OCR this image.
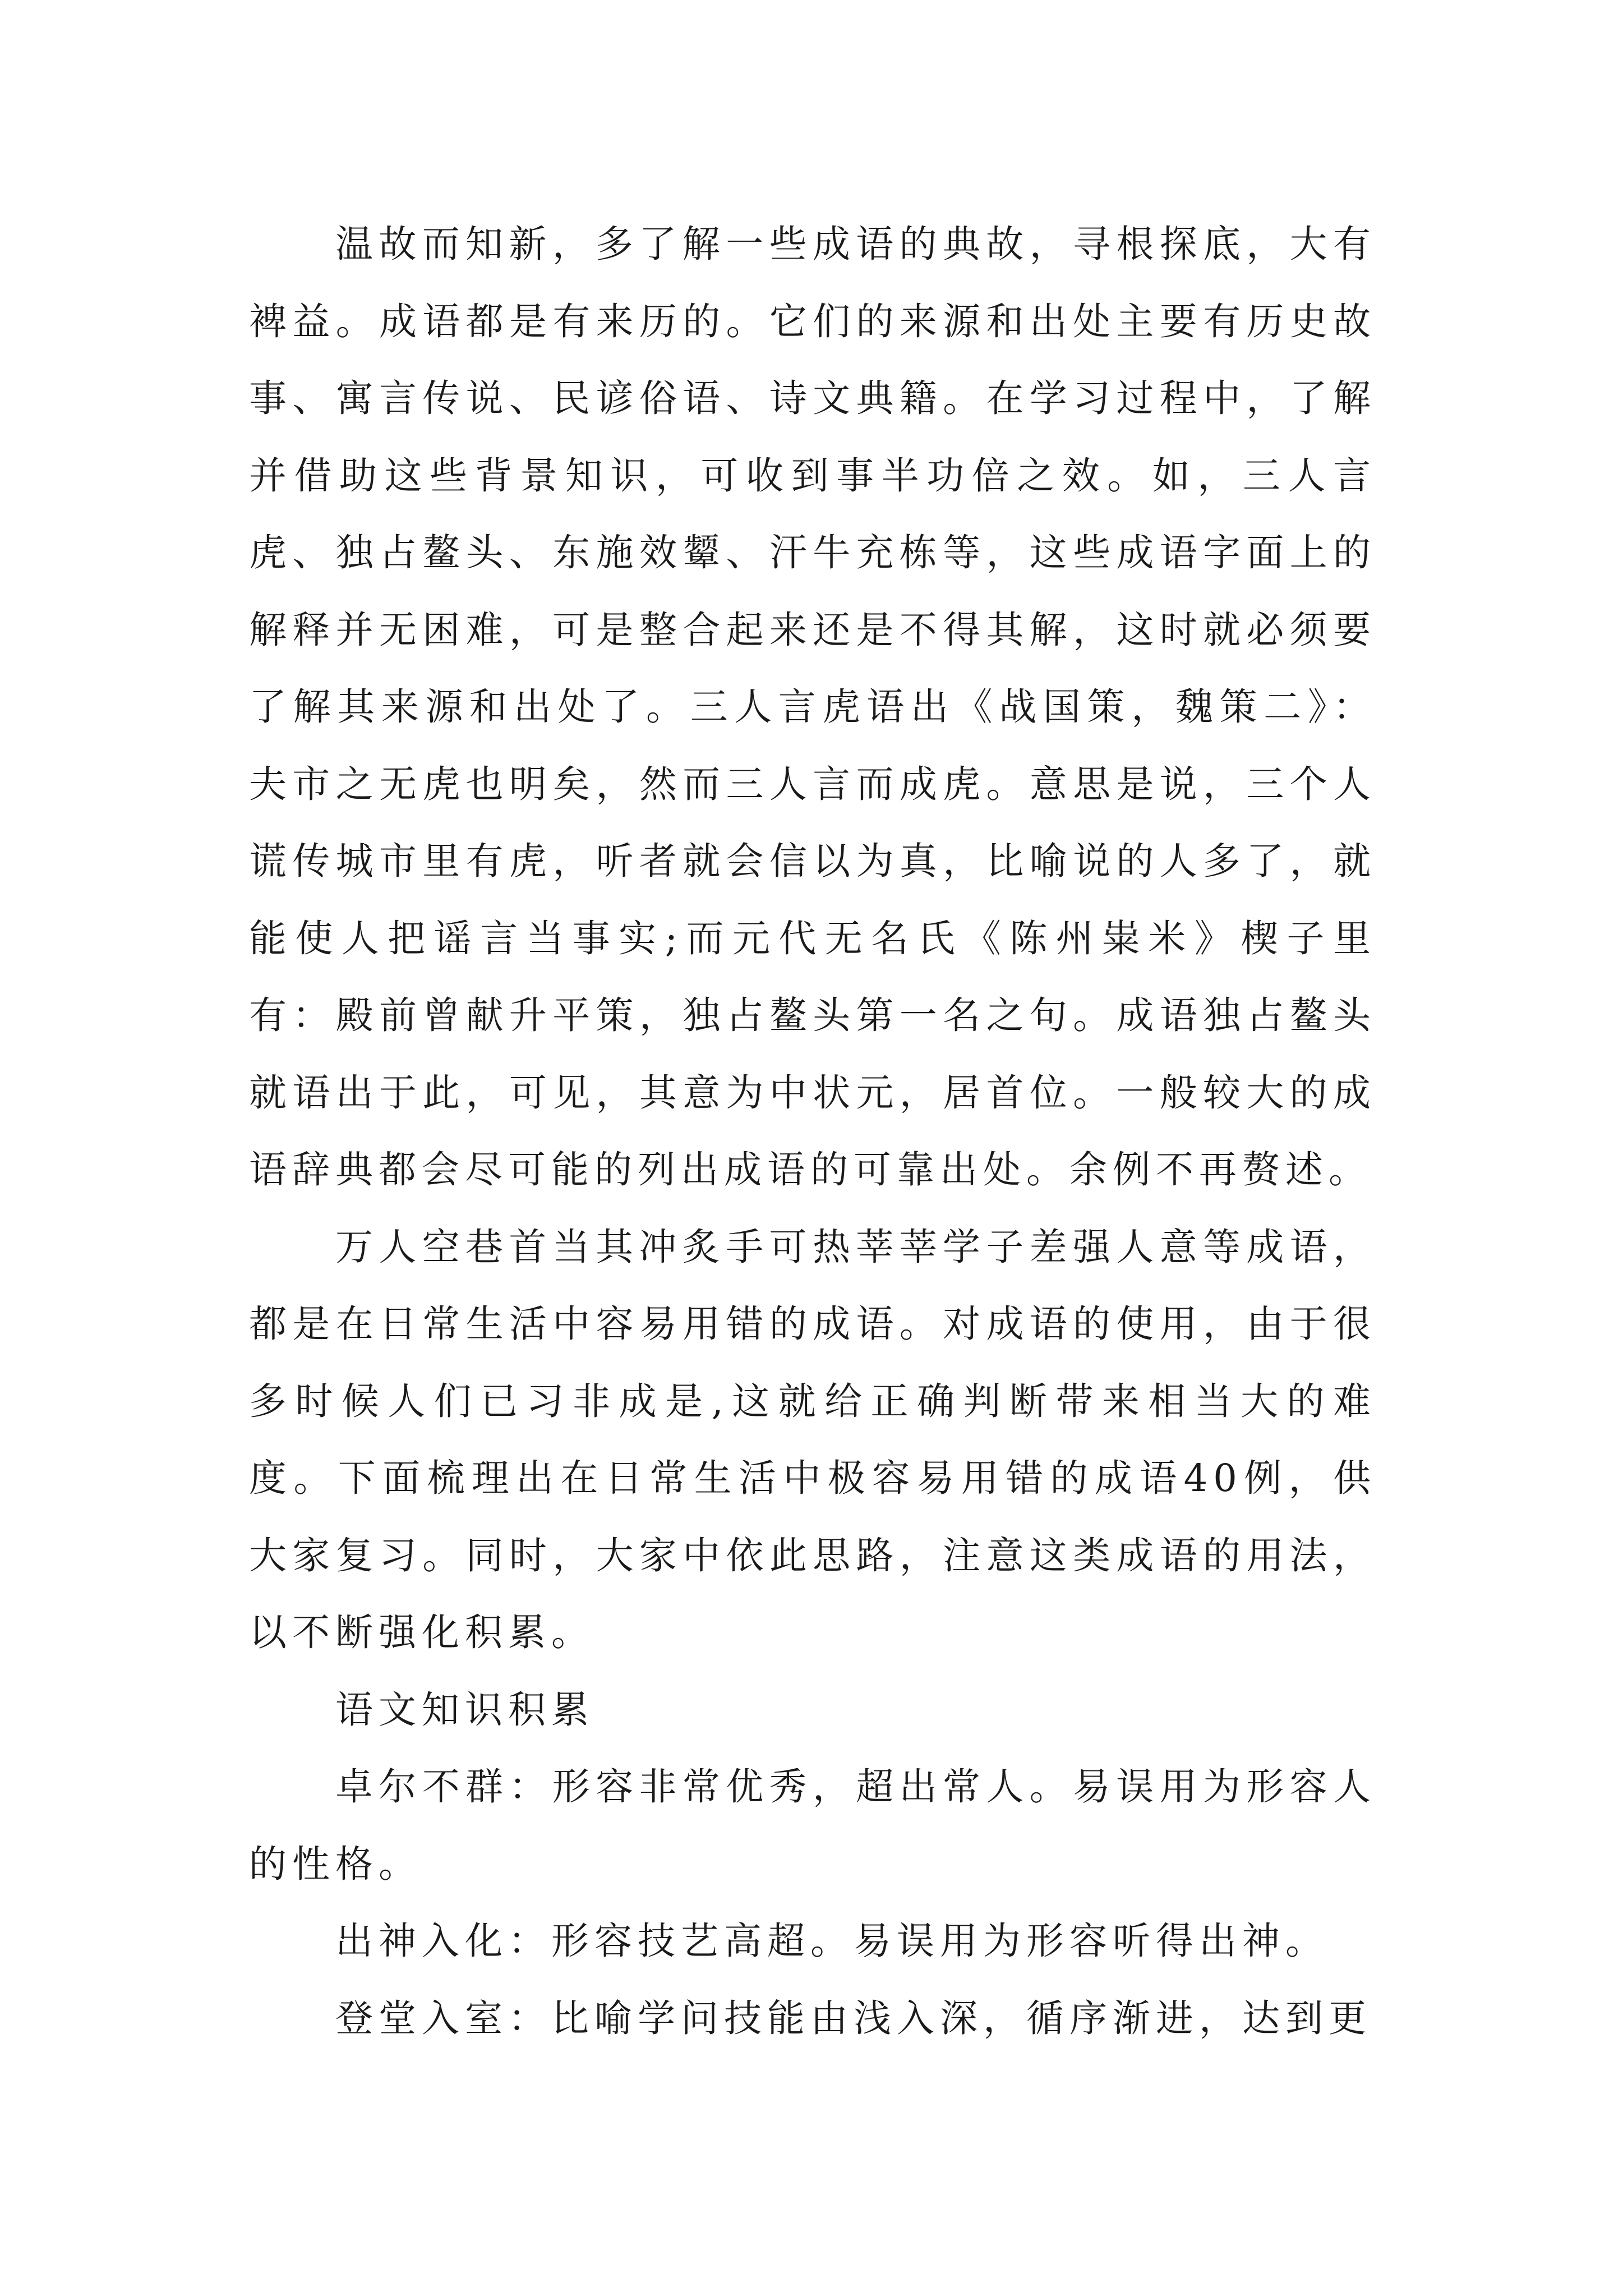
温故而知新，多了解一些成语的典故，寻根探底，大有裨益。成语都是有来历的。它们的来源和出处主要有历史故事、寓言传说、民谚俗语、诗文典籍。在学习过程中，了解并借助这些背景知识，可收到事半功倍之效。如，三人言虎、独占鳌头、东施效颦、汗牛充栋等，这些成语字面上的解释并无困难，可是整合起来还是不得其解，这时就必须要了解其来源和出处了。三人言虎语出《战国策，魏策二》：夫市之无虎也明矣，然而三人言而成虎。意思是说，三个人谎传城市里有虎，听者就会信以为真，比喻说的人多了，就能使人把谣言当事实;而元代无名氏《陈州粜米》楔子里有：殿前曾献升平策，独占鳌头第一名之句。成语独占鳌头就语出于此，可见，其意为中状元，居首位。一般较大的成语辞典都会尽可能的列出成语的可靠出处。余例不再赘述。

万人空巷首当其冲炙手可热莘莘学子差强人意等成语，都是在日常生活中容易用错的成语。对成语的使用，由于很多时候人们已习非成是,这就给正确判断带来相当大的难度。下面梳理出在日常生活中极容易用错的成语40例，供大家复习。同时，大家中依此思路，注意这类成语的用法，以不断强化积累。

语文知识积累

卓尔不群：形容非常优秀，超出常人。易误用为形容人的性格。

出神入化：形容技艺高超。易误用为形容听得出神。

登堂入室：比喻学问技能由浅入深，循序渐进，达到更
